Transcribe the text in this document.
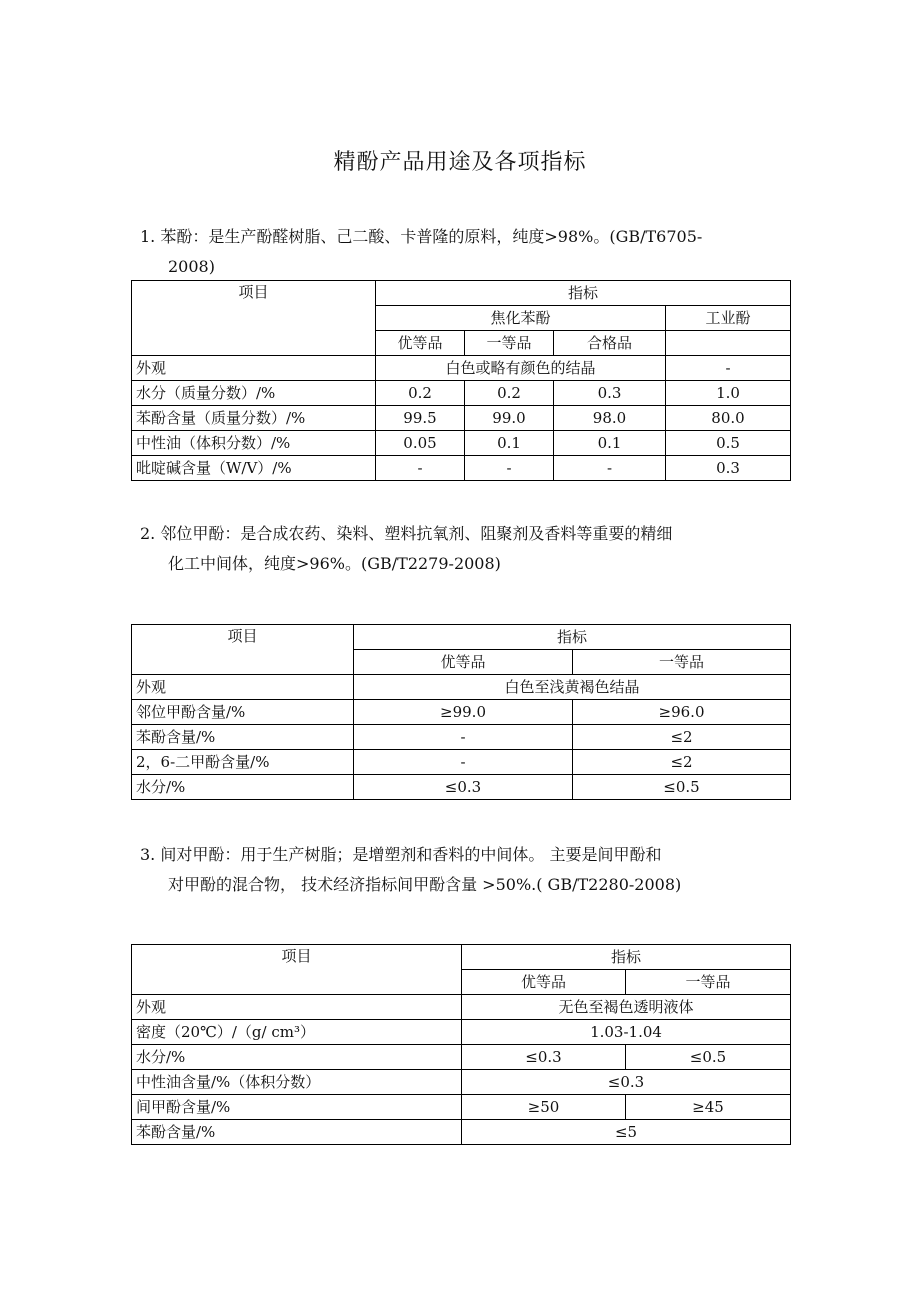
精酚产品用途及各项指标
1. 苯酚：是生产酚醛树脂、己二酸、卡普隆的原料，纯度>98%。(GB/T6705-
2008)
项目	指标			
	焦化苯酚			工业酚
	优等品	一等品	合格品	
外观	白色或略有颜色的结晶			-
水分（质量分数）/%	0.2	0.2	0.3	1.0
苯酚含量（质量分数）/%	99.5	99.0	98.0	80.0
中性油（体积分数）/%	0.05	0.1	0.1	0.5
吡啶碱含量（W/V）/%	-	-	-	0.3
2. 邻位甲酚：是合成农药、染料、塑料抗氧剂、阻聚剂及香料等重要的精细
化工中间体，纯度>96%。(GB/T2279-2008)
项目	指标	
	优等品	一等品
外观	白色至浅黄褐色结晶	
邻位甲酚含量/%	≥99.0	≥96.0
苯酚含量/%	-	≤2
2，6-二甲酚含量/%	-	≤2
水分/%	≤0.3	≤0.5
3. 间对甲酚：用于生产树脂；是增塑剂和香料的中间体。 主要是间甲酚和
对甲酚的混合物， 技术经济指标间甲酚含量 >50%.( GB/T2280-2008)
项目	指标	
	优等品	一等品
外观	无色至褐色透明液体	
密度（20℃）/（g/ cm³）	1.03-1.04	
水分/%	≤0.3	≤0.5
中性油含量/%（体积分数）	≤0.3	
间甲酚含量/%	≥50	≥45
苯酚含量/%	≤5	
